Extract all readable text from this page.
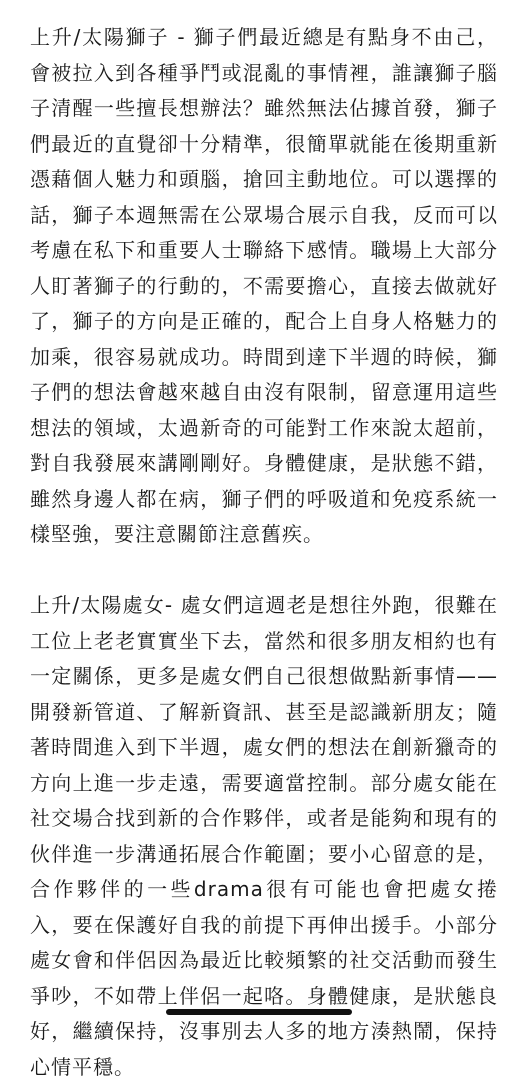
上升/太陽獅子 - 獅子們最近總是有點身不由己，會被拉入到各種爭鬥或混亂的事情裡，誰讓獅子腦子清醒一些擅長想辦法？雖然無法佔據首發，獅子們最近的直覺卻十分精準，很簡單就能在後期重新憑藉個人魅力和頭腦，搶回主動地位。可以選擇的話，獅子本週無需在公眾場合展示自我，反而可以考慮在私下和重要人士聯絡下感情。職場上大部分人盯著獅子的行動的，不需要擔心，直接去做就好了，獅子的方向是正確的，配合上自身人格魅力的加乘，很容易就成功。時間到達下半週的時候，獅子們的想法會越來越自由沒有限制，留意運用這些想法的領域，太過新奇的可能對工作來說太超前，對自我發展來講剛剛好。身體健康，是狀態不錯，雖然身邊人都在病，獅子們的呼吸道和免疫系統一樣堅強，要注意關節注意舊疾。

上升/太陽處女- 處女們這週老是想往外跑，很難在工位上老老實實坐下去，當然和很多朋友相約也有一定關係，更多是處女們自己很想做點新事情——開發新管道、了解新資訊、甚至是認識新朋友；隨著時間進入到下半週，處女們的想法在創新獵奇的方向上進一步走遠，需要適當控制。部分處女能在社交場合找到新的合作夥伴，或者是能夠和現有的伙伴進一步溝通拓展合作範圍；要小心留意的是，合作夥伴的一些drama很有可能也會把處女捲入，要在保護好自我的前提下再伸出援手。小部分處女會和伴侶因為最近比較頻繁的社交活動而發生爭吵，不如帶上伴侶一起咯。身體健康，是狀態良好，繼續保持，沒事別去人多的地方湊熱鬧，保持心情平穩。
